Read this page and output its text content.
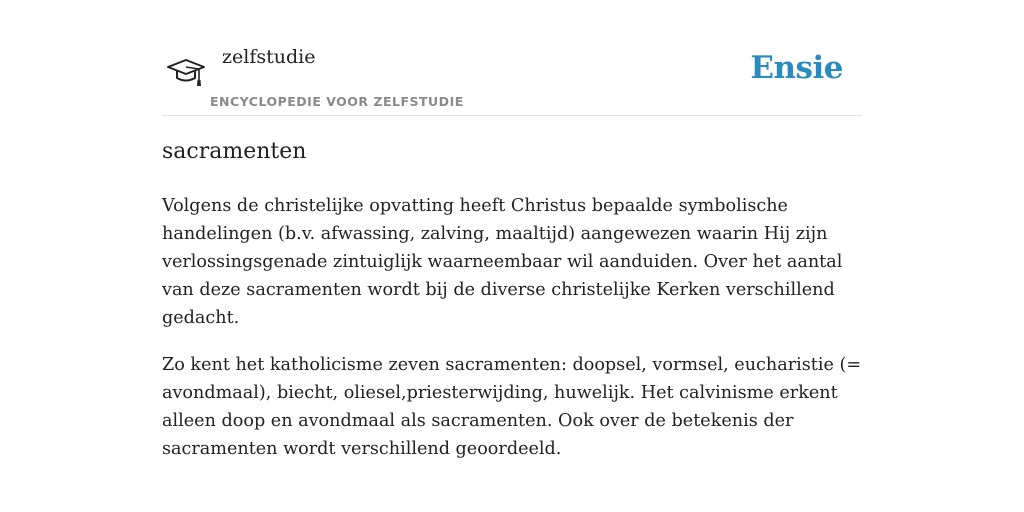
zelfstudie
ENCYCLOPEDIE VOOR ZELFSTUDIE
Ensie
sacramenten

Volgens de christelijke opvatting heeft Christus bepaalde symbolische handelingen (b.v. afwassing, zalving, maaltijd) aangewezen waarin Hij zijn verlossingsgenade zintuiglijk waarneembaar wil aanduiden. Over het aantal van deze sacramenten wordt bij de diverse christelijke Kerken verschillend gedacht.

Zo kent het katholicisme zeven sacramenten: doopsel, vormsel, eucharistie (= avondmaal), biecht, oliesel,priesterwijding, huwelijk. Het calvinisme erkent alleen doop en avondmaal als sacramenten. Ook over de betekenis der sacramenten wordt verschillend geoordeeld.
